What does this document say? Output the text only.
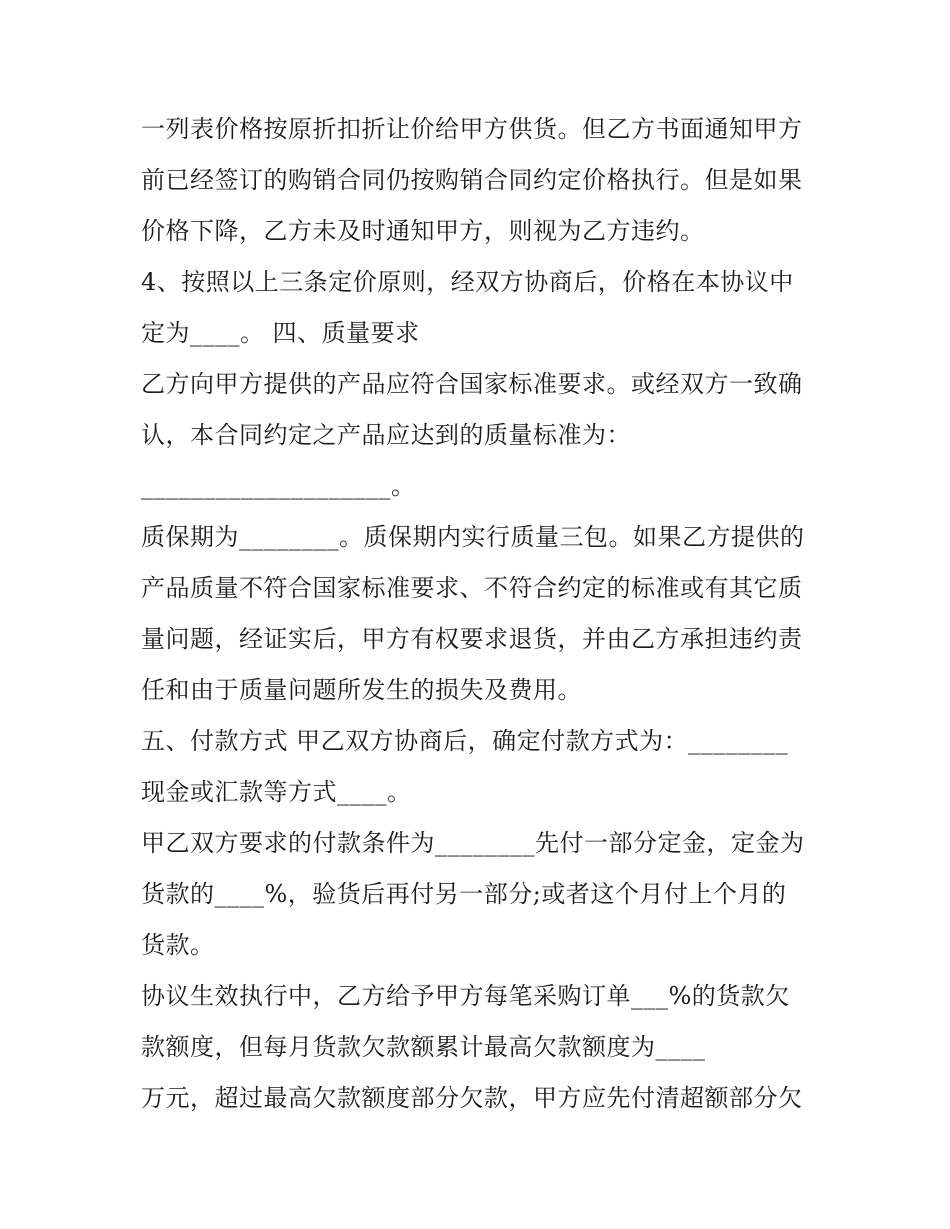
一列表价格按原折扣折让价给甲方供货。但乙方书面通知甲方
前已经签订的购销合同仍按购销合同约定价格执行。但是如果
价格下降，乙方未及时通知甲方，则视为乙方违约。
4、按照以上三条定价原则，经双方协商后，价格在本协议中
定为____。 四、质量要求
乙方向甲方提供的产品应符合国家标准要求。或经双方一致确
认，本合同约定之产品应达到的质量标准为：
____________________。
质保期为________。质保期内实行质量三包。如果乙方提供的
产品质量不符合国家标准要求、不符合约定的标准或有其它质
量问题，经证实后，甲方有权要求退货，并由乙方承担违约责
任和由于质量问题所发生的损失及费用。
五、付款方式 甲乙双方协商后，确定付款方式为：________
现金或汇款等方式____。
甲乙双方要求的付款条件为________先付一部分定金，定金为
货款的____%，验货后再付另一部分;或者这个月付上个月的
货款。
协议生效执行中，乙方给予甲方每笔采购订单___%的货款欠
款额度，但每月货款欠款额累计最高欠款额度为____
万元，超过最高欠款额度部分欠款，甲方应先付清超额部分欠
